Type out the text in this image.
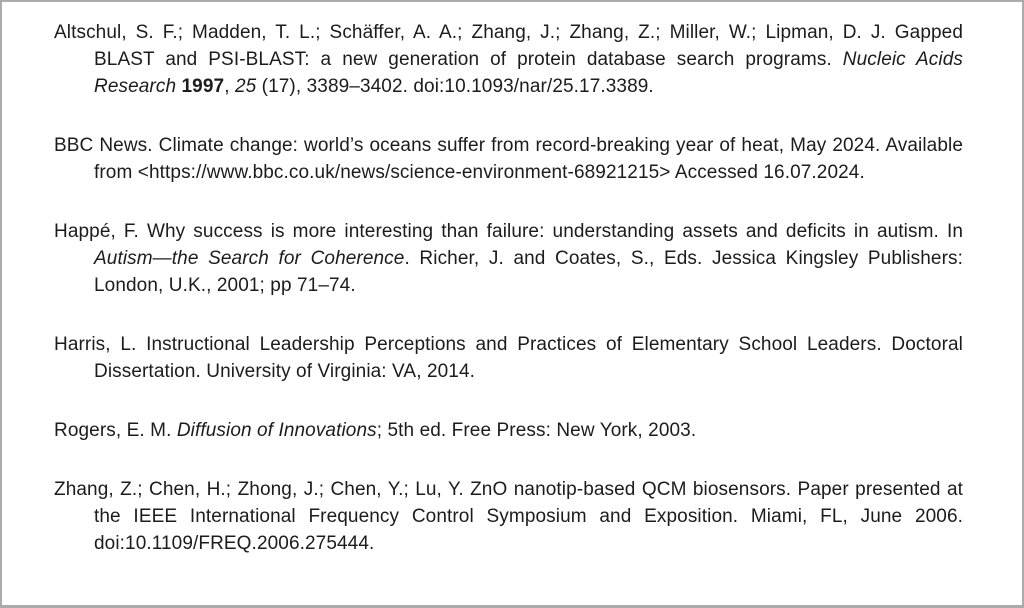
Altschul, S. F.; Madden, T. L.; Schäffer, A. A.; Zhang, J.; Zhang, Z.; Miller, W.; Lipman, D. J. Gapped BLAST and PSI-BLAST: a new generation of protein database search programs. Nucleic Acids Research 1997, 25 (17), 3389–3402. doi:10.1093/nar/25.17.3389.

BBC News. Climate change: world’s oceans suffer from record-breaking year of heat, May 2024. Available from <https://www.bbc.co.uk/news/science-environment-68921215> Accessed 16.07.2024.

Happé, F. Why success is more interesting than failure: understanding assets and deficits in autism. In Autism—the Search for Coherence. Richer, J. and Coates, S., Eds. Jessica Kingsley Publishers: London, U.K., 2001; pp 71–74.

Harris, L. Instructional Leadership Perceptions and Practices of Elementary School Leaders. Doctoral Dissertation. University of Virginia: VA, 2014.

Rogers, E. M. Diffusion of Innovations; 5th ed. Free Press: New York, 2003.

Zhang, Z.; Chen, H.; Zhong, J.; Chen, Y.; Lu, Y. ZnO nanotip-based QCM biosensors. Paper presented at the IEEE International Frequency Control Symposium and Exposition. Miami, FL, June 2006. doi:10.1109/FREQ.2006.275444.
